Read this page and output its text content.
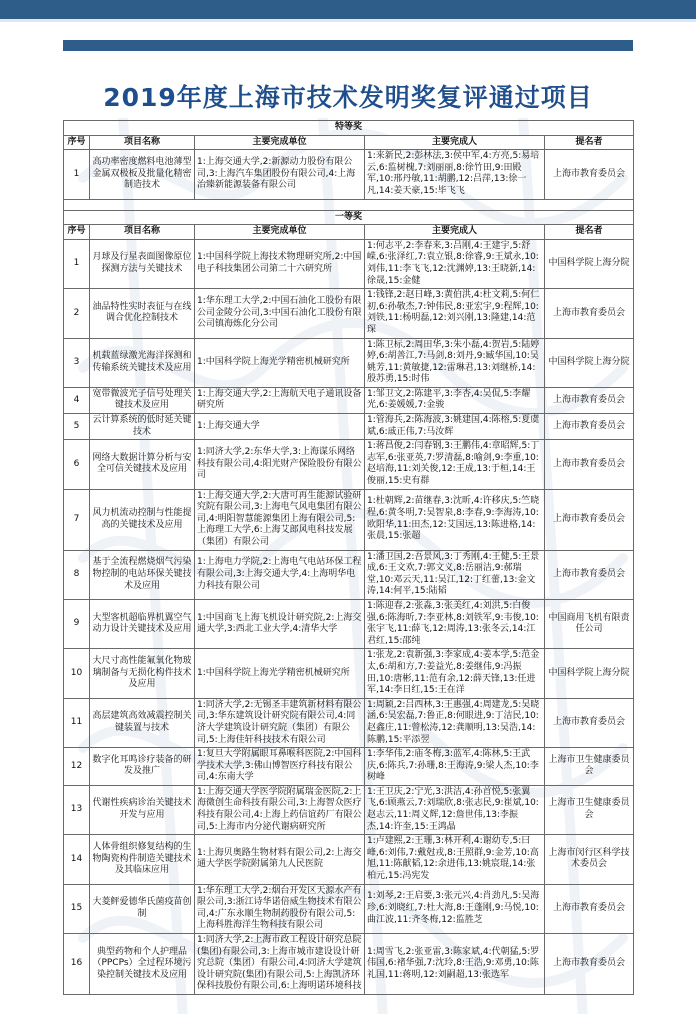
2019年度上海市技术发明奖复评通过项目
特等奖				
序号	项目名称	主要完成单位	主要完成人	提名者
1	高功率密度燃料电池薄型金属双极板及批量化精密制造技术	1:上海交通大学,2:新源动力股份有限公司,3:上海汽车集团股份有限公司,4:上海治臻新能源装备有限公司	1:来新民,2:彭林法,3:侯中军,4:方亮,5:易培云,6:监树槐,7:刘丽丽,8:徐竹田,9:田殿军,10:邢丹敏,11:胡鹏,12:吕萍,13:徐一凡,14:姜天豪,15:毕飞飞	上海市教育委员会

一等奖				
序号	项目名称	主要完成单位	主要完成人	提名者
1	月球及行星表面图像原位探测方法与关键技术	1:中国科学院上海技术物理研究所,2:中国电子科技集团公司第二十六研究所	1:何志平,2:李春来,3:吕刚,4:王建宇,5:舒嵘,6:张泽红,7:袁立银,8:徐睿,9:王斌永,10:刘伟,11:李飞飞,12:沈渊婷,13:王晓新,14:徐晟,15:金健	中国科学院上海分院
2	油品特性实时表征与在线调合优化控制技术	1:华东理工大学,2:中国石油化工股份有限公司金陵分公司,3:中国石油化工股份有限公司镇海炼化分公司	1:钱锋,2:赵日峰,3:黄伯洪,4:杜文莉,5:何仁初,6:孙敬杰,7:钟伟民,8:亚宏宇,9:程辉,10:刘铁,11:杨明磊,12:刘兴刚,13:隆建,14:范琛	上海市教育委员会
3	机载蓝绿激光海洋探测和传输系统关键技术及应用	1:中国科学院上海光学精密机械研究所	1:陈卫标,2:周田华,3:朱小磊,4:贺岩,5:陆婷婷,6:胡善江,7:马剑,8:刘丹,9:臧华国,10:吴姚芳,11:黄敏捷,12:雷琳君,13:刘继桥,14:殷苏勇,15:时伟	中国科学院上海分院
4	宽带微波光子信号处理关键技术及应用	1:上海交通大学,2:上海航天电子通讯设备研究所	1:邹卫文,2:陈建平,3:李杏,4:吴侃,5:李耀光,6:姜媛媛,7:金骏	上海市教育委员会
5	云计算系统的低时延关键技术	1:上海交通大学	1:管海兵,2:陈海波,3:姚建国,4:陈榕,5:夏虞斌,6:戚正伟,7:马汝辉	上海市教育委员会
6	网络大数据计算分析与安全可信关键技术及应用	1:同济大学,2:东华大学,3:上海谋乐网络科技有限公司,4:阳光财产保险股份有限公司	1:蒋昌俊,2:闫春钢,3:王鹏伟,4:章昭辉,5:丁志军,6:张亚英,7:罗清磊,8:喻剑,9:李重,10:赵培海,11:刘关俊,12:王成,13:于桓,14:王俊丽,15:史有群	上海市教育委员会
7	风力机流动控制与性能提高的关键技术及应用	1:上海交通大学,2:大唐可再生能源试验研究院有限公司,3:上海电气风电集团有限公司,4:明阳智慧能源集团上海有限公司,5:上海理工大学,6:上海艾郎风电科技发展（集团）有限公司	1:杜朝辉,2:苗继春,3:沈昕,4:许移庆,5:竺晓程,6:黄冬明,7:吴智泉,8:李春,9:李海涛,10:欧阳华,11:田杰,12:艾国远,13:陈进格,14:张晨,15:张超	上海市教育委员会
8	基于全流程燃烧烟气污染物控制的电站环保关键技术及应用	1:上海电力学院,2:上海电气电站环保工程有限公司,3:上海交通大学,4:上海明华电力科技有限公司	1:潘卫国,2:吾景风,3:丁秀刚,4:王健,5:王景成,6:王文欢,7:郭文义,8:岳丽洁,9:郝瑞堂,10:邓云天,11:吴江,12:丁红蕾,13:金文涛,14:何平,15:陆韬	上海市教育委员会
9	大型客机超临界机翼空气动力设计关键技术及应用	1:中国商飞上海飞机设计研究院,2:上海交通大学,3:西北工业大学,4:清华大学	1:陈迎春,2:张淼,3:张美红,4:刘洪,5:白俊强,6:陈海昕,7:李亚林,8:刘铁军,9:韦俊,10:张宇飞,11:薛飞,12:周涛,13:张冬云,14:江君红,15:邵纯	中国商用飞机有限责任公司
10	大尺寸高性能氟氧化物玻璃制备与无损化构件技术及应用	1:中国科学院上海光学精密机械研究所	1:张龙,2:袁新强,3:李家成,4:姜本学,5:范金太,6:胡和方,7:姜益光,8:姜继伟,9:冯振田,10:唐彬,11:范有余,12:薛天锋,13:任进军,14:李日红,15:王在洋	中国科学院上海分院
11	高层建筑高效减震控制关键装置与技术	1:同济大学,2:无锡圣丰建筑新材料有限公司,3:华东建筑设计研究院有限公司,4:同济大学建筑设计研究院（集团）有限公司,5:上海佳轩科技技术有限公司	1:周颖,2:吕西林,3:王惠强,4:周建龙,5:吴晓涵,6:吴宏磊,7:鲁正,8:何眼进,9:丁洁民,10:赵鑫庄,11:曾松涛,12:龚顺明,13:吴浩,14:陈鹏,15:平添翌	上海市教育委员会
12	数字化耳鸣诊疗装备的研发及推广	1:复旦大学附属眼耳鼻喉科医院,2:中国科学技术大学,3:佛山博智医疗科技有限公司,4:东南大学	1:李华伟,2:庙冬梅,3:蓝军,4:陈林,5:王武庆,6:陈兵,7:孙珊,8:王海涛,9:梁人杰,10:李树峰	上海市卫生健康委员会
13	代谢性疾病诊治关键技术开发与应用	1:上海交通大学医学院附属瑞金医院,2:上海微创生命科技有限公司,3:上海智众医疗科技有限公司,4:上海上药信谊药厂有限公司,5:上海市内分泌代谢病研究所	1:王卫庆,2:宁光,3:洪洁,4:孙首悦,5:张翼飞,6:顾燕云,7:刘瑞欣,8:张志民,9:崔斌,10:赵志云,11:周义辉,12:詹世伟,13:李振杰,14:许奎,15:王鸿晶	上海市卫生健康委员会
14	人体骨组织修复结构的生物陶瓷构件制造关键技术及其临床应用	1:上海贝奥路生物材料有限公司,2:上海交通大学医学院附属第九人民医院	1:卢建熙,2:王珊,3:林开利,4:谢幼专,5:曰峰,6:刘伟,7:戴尅戎,8:王照群,9:金芳,10:高旭,11:陈献韬,12:余进伟,13:姚宸琨,14:张柏元,15:冯宪发	上海市闵行区科学技术委员会
15	大菱鲆爱德华氏菌疫苗创制	1:华东理工大学,2:烟台开发区天源水产有限公司,3:浙江诗华诺倍威生物技术有限公司,4:广东永顺生物制药股份有限公司,5:上海科胜海洋生物科技有限公司	1:刘琴,2:王启要,3:张元兴,4:肖劲凡,5:吴海珍,6:刘晓红,7:杜大海,8:王蓬刚,9:马悦,10:曲江波,11:齐冬梅,12:监胜芝	上海市教育委员会
16	典型药物和个人护理品（PPCPs）全过程环境污染控制关键技术及应用	1:同济大学,2:上海市政工程设计研究总院(集团)有限公司,3:上海市城市建设设计研究总院（集团）有限公司,4:同济大学建筑设计研究院(集团)有限公司,5:上海凯济环保科技股份有限公司,6:上海明诺环境科技	1:周雪飞,2:张亚雷,3:陈家斌,4:代朝猛,5:罗伟国,6:褚华强,7:沈玲,8:王浩,9:邓勇,10:陈礼国,11:蒋明,12:刘嗣超,13:张选军	上海市教育委员会
